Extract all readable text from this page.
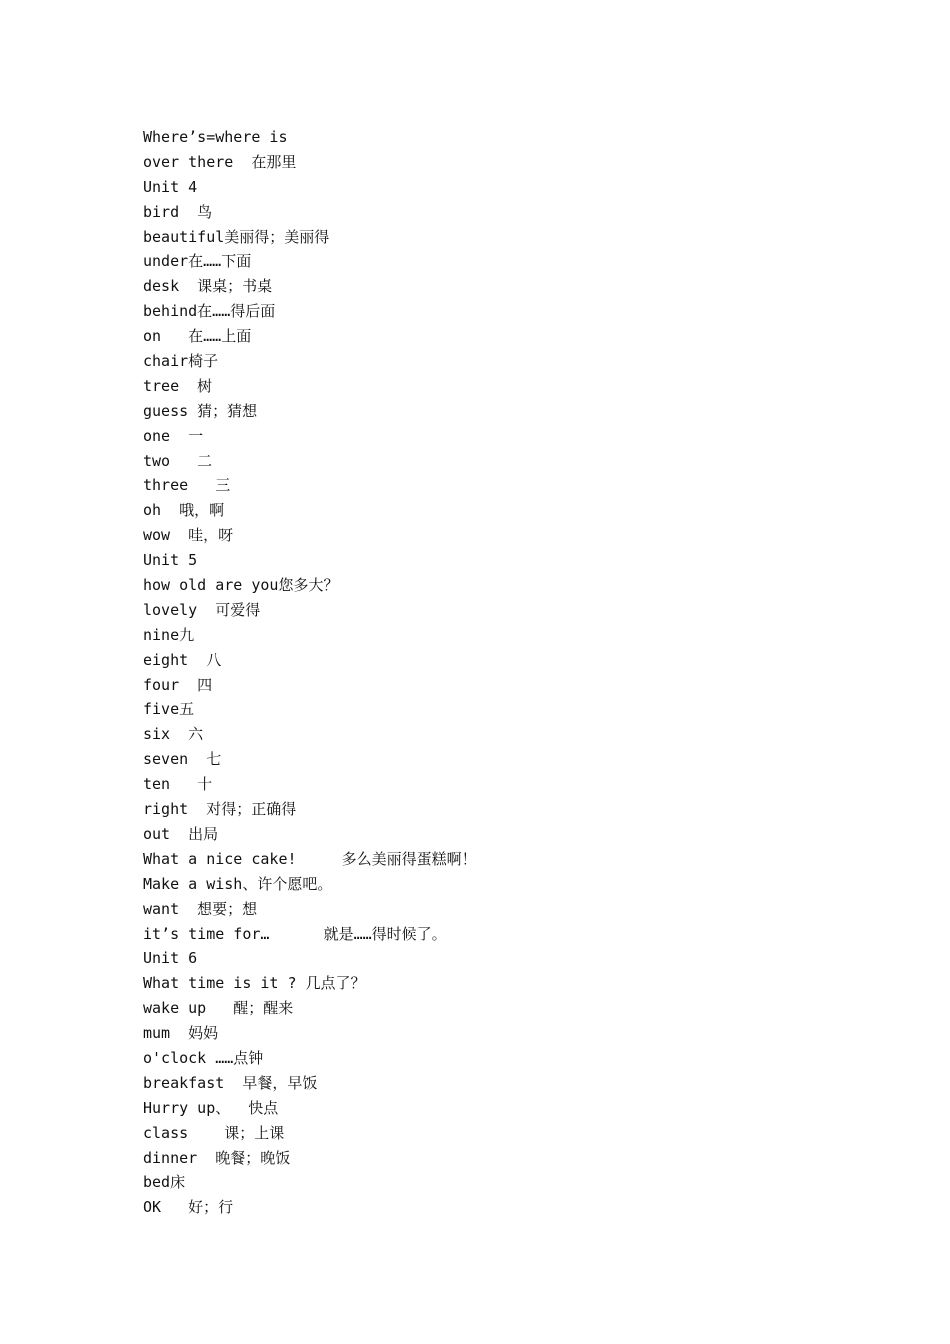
Where’s=where is
over there  在那里
Unit 4
bird  鸟
beautiful美丽得；美丽得
under在……下面
desk  课桌；书桌
behind在……得后面
on   在……上面
chair椅子
tree  树
guess 猜；猜想
one  一
two   二
three   三
oh  哦，啊
wow  哇，呀
Unit 5
how old are you您多大？
lovely  可爱得
nine九
eight  八
four  四
five五
six  六
seven  七
ten   十
right  对得；正确得
out  出局
What a nice cake!     多么美丽得蛋糕啊！
Make a wish、许个愿吧。
want  想要；想
it’s time for…      就是……得时候了。
Unit 6
What time is it ? 几点了？
wake up   醒；醒来
mum  妈妈
o'clock ……点钟
breakfast  早餐，早饭
Hurry up、  快点
class    课；上课
dinner  晚餐；晚饭
bed床
OK   好；行
